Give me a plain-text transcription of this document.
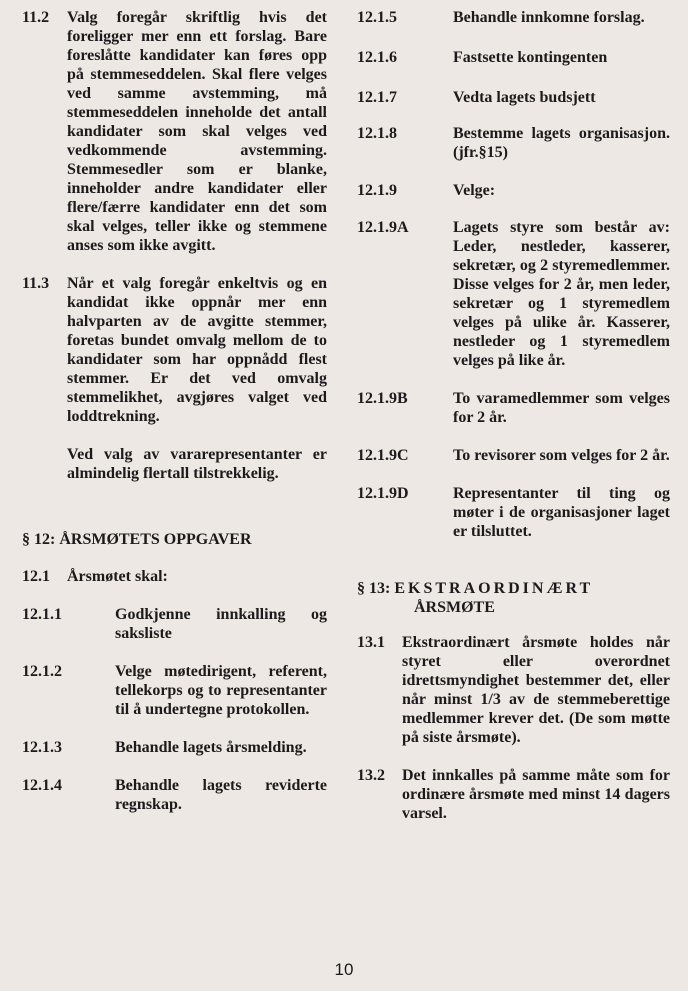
11.2	Valg foregår skriftlig hvis det foreligger mer enn ett forslag. Bare foreslåtte kandidater kan føres opp på stemmeseddelen. Skal flere velges ved samme avstemming, må stemmeseddelen inneholde det antall kandidater som skal velges ved vedkommende avstemming. Stemmesedler som er blanke, inneholder andre kandidater eller flere/færre kandidater enn det som skal velges, teller ikke og stemmene anses som ikke avgitt.
11.3	Når et valg foregår enkeltvis og en kandidat ikke oppnår mer enn halvparten av de avgitte stemmer, foretas bundet omvalg mellom de to kandidater som har oppnådd flest stemmer. Er det ved omvalg stemmelikhet, avgjøres valget ved loddtrekning.
Ved valg av vararepresentanter er almindelig flertall tilstrekkelig.
§ 12: ÅRSMØTETS OPPGAVER
12.1	Årsmøtet skal:
12.1.1	Godkjenne innkalling og saksliste
12.1.2	Velge møtedirigent, referent, tellekorps og to representanter til å undertegne protokollen.
12.1.3	Behandle lagets årsmelding.
12.1.4	Behandle lagets reviderte regnskap.
12.1.5	Behandle innkomne forslag.
12.1.6	Fastsette kontingenten
12.1.7	Vedta lagets budsjett
12.1.8	Bestemme lagets organisasjon. (jfr.§15)
12.1.9	Velge:
12.1.9A	Lagets styre som består av: Leder, nestleder, kasserer, sekretær, og 2 styremedlemmer. Disse velges for 2 år, men leder, sekretær og 1 styremedlem velges på ulike år. Kasserer, nestleder og 1 styremedlem velges på like år.
12.1.9B	To varamedlemmer som velges for 2 år.
12.1.9C	To revisorer som velges for 2 år.
12.1.9D	Representanter til ting og møter i de organisasjoner laget er tilsluttet.
§ 13: EKSTRAORDINÆRT
ÅRSMØTE
13.1	Ekstraordinært årsmøte holdes når styret eller overordnet idrettsmyndighet bestemmer det, eller når minst 1/3 av de stemmeberettige medlemmer krever det. (De som møtte på siste årsmøte).
13.2	Det innkalles på samme måte som for ordinære årsmøte med minst 14 dagers varsel.
10
